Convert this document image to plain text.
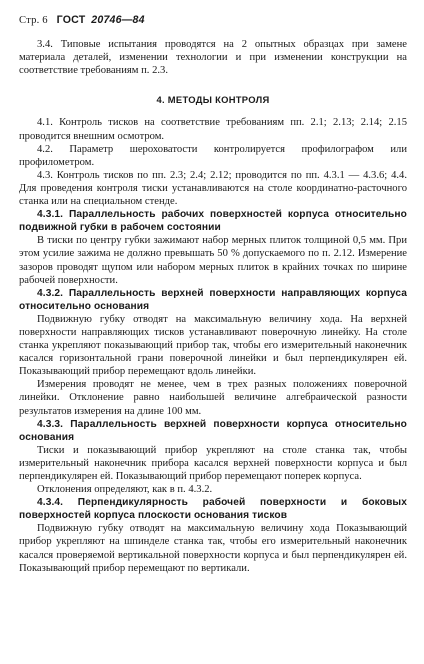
Стр. 6 ГОСТ 20746—84

3.4. Типовые испытания проводятся на 2 опытных образцах при замене материала деталей, изменении технологии и при изменении конструкции на соответствие требованиям п. 2.3.

4. МЕТОДЫ КОНТРОЛЯ

4.1. Контроль тисков на соответствие требованиям пп. 2.1; 2.13; 2.14; 2.15 проводится внешним осмотром.

4.2. Параметр шероховатости контролируется профилографом или профилометром.

4.3. Контроль тисков по пп. 2.3; 2.4; 2.12; проводится по пп. 4.3.1 — 4.3.6; 4.4. Для проведения контроля тиски устанавливаются на столе координатно-расточного станка или на специальном стенде.

4.3.1. Параллельность рабочих поверхностей корпуса относительно подвижной губки в рабочем состоянии

В тиски по центру губки зажимают набор мерных плиток толщиной 0,5 мм. При этом усилие зажима не должно превышать 50 % допускаемого по п. 2.12. Измерение зазоров проводят щупом или набором мерных плиток в крайних точках по ширине рабочей поверхности.

4.3.2. Параллельность верхней поверхности направляющих корпуса относительно основания

Подвижную губку отводят на максимальную величину хода. На верхней поверхности направляющих тисков устанавливают поверочную линейку. На столе станка укрепляют показывающий прибор так, чтобы его измерительный наконечник касался горизонтальной грани поверочной линейки и был перпендикулярен ей. Показывающий прибор перемещают вдоль линейки.

Измерения проводят не менее, чем в трех разных положениях поверочной линейки. Отклонение равно наибольшей величине алгебраической разности результатов измерения на длине 100 мм.

4.3.3. Параллельность верхней поверхности корпуса относительно основания

Тиски и показывающий прибор укрепляют на столе станка так, чтобы измерительный наконечник прибора касался верхней поверхности корпуса и был перпендикулярен ей. Показывающий прибор перемещают поперек корпуса.

Отклонения определяют, как в п. 4.3.2.

4.3.4. Перпендикулярность рабочей поверхности и боковых поверхностей корпуса плоскости основания тисков

Подвижную губку отводят на максимальную величину хода Показывающий прибор укрепляют на шпинделе станка так, чтобы его измерительный наконечник касался проверяемой вертикальной поверхности корпуса и был перпендикулярен ей. Показывающий прибор перемещают по вертикали.
